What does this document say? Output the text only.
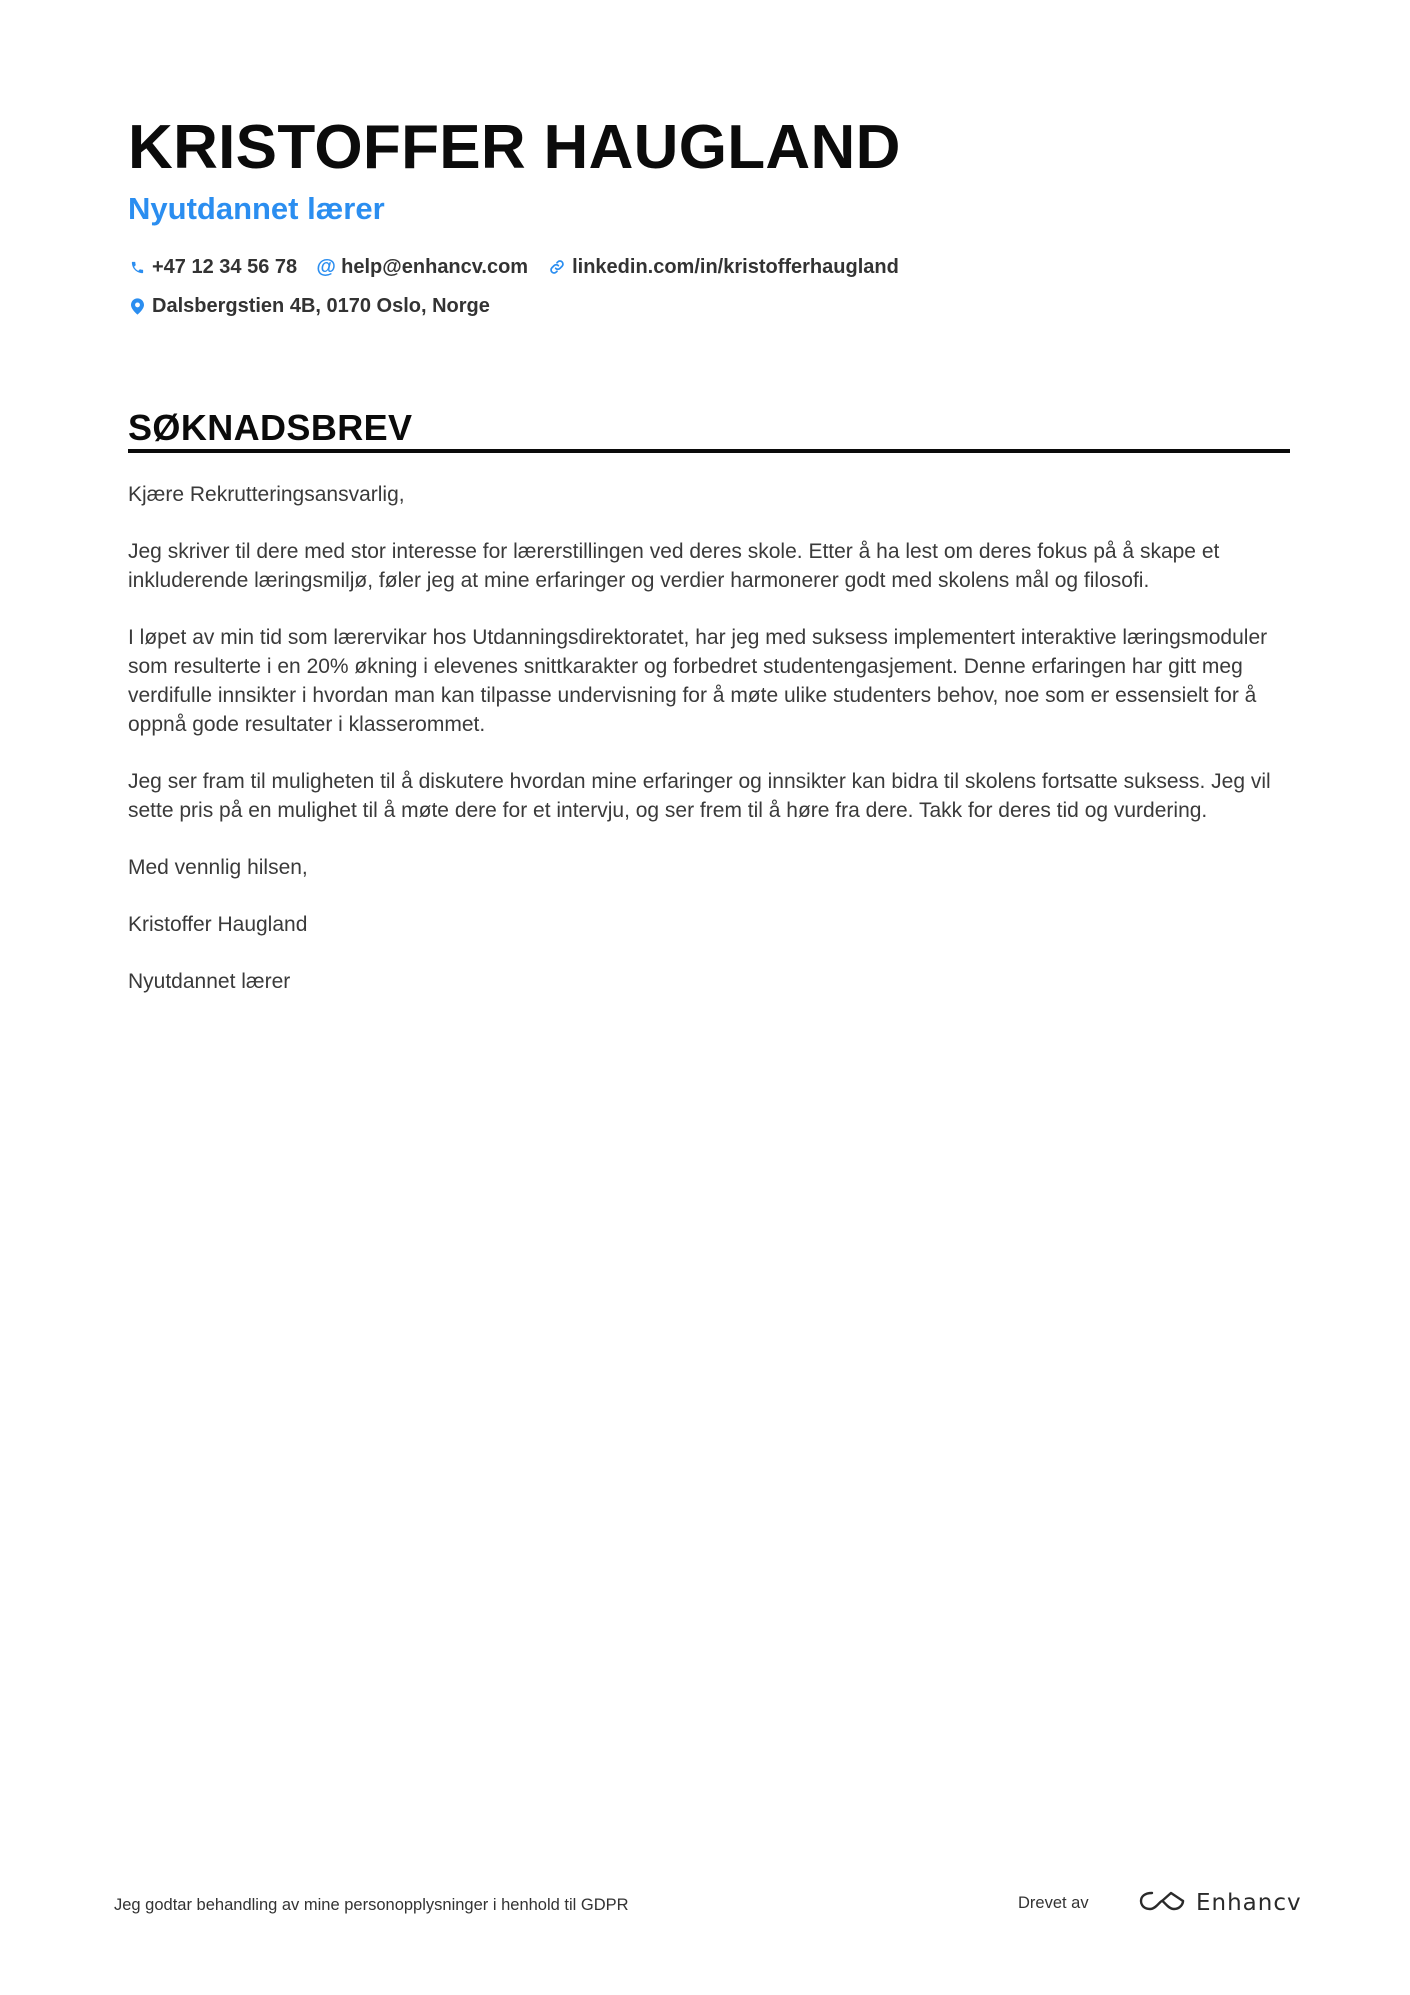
KRISTOFFER HAUGLAND
Nyutdannet lærer
+47 12 34 56 78 @ help@enhancv.com linkedin.com/in/kristofferhaugland
Dalsbergstien 4B, 0170 Oslo, Norge
SØKNADSBREV

Kjære Rekrutteringsansvarlig,

Jeg skriver til dere med stor interesse for lærerstillingen ved deres skole. Etter å ha lest om deres fokus på å skape et inkluderende læringsmiljø, føler jeg at mine erfaringer og verdier harmonerer godt med skolens mål og filosofi.

I løpet av min tid som lærervikar hos Utdanningsdirektoratet, har jeg med suksess implementert interaktive læringsmoduler som resulterte i en 20% økning i elevenes snittkarakter og forbedret studentengasjement. Denne erfaringen har gitt meg verdifulle innsikter i hvordan man kan tilpasse undervisning for å møte ulike studenters behov, noe som er essensielt for å oppnå gode resultater i klasserommet.

Jeg ser fram til muligheten til å diskutere hvordan mine erfaringer og innsikter kan bidra til skolens fortsatte suksess. Jeg vil sette pris på en mulighet til å møte dere for et intervju, og ser frem til å høre fra dere. Takk for deres tid og vurdering.

Med vennlig hilsen,

Kristoffer Haugland

Nyutdannet lærer

Jeg godtar behandling av mine personopplysninger i henhold til GDPR	Drevet av	Enhancv
